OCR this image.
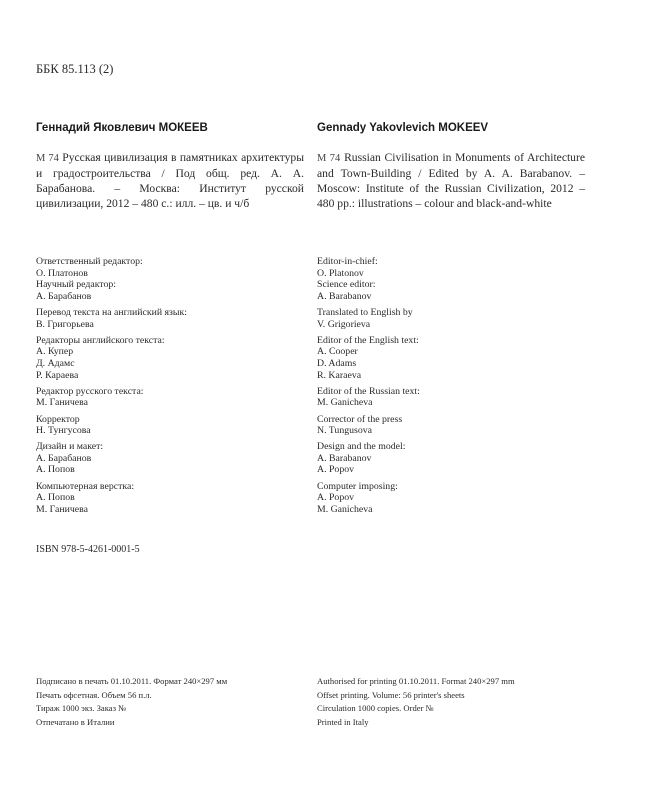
ББК 85.113 (2)
Геннадий Яковлевич МОКЕЕВ	Gennady Yakovlevich MOKEEV
М 74 Русская цивилизация в памятниках архитектуры и градостроительства / Под общ. ред. А. А. Барабанова. – Москва: Институт русской цивилизации, 2012 – 480 с.: илл. – цв. и ч/б
М 74 Russian Civilisation in Monuments of Architecture and Town-Building / Edited by A. A. Barabanov. – Moscow: Institute of the Russian Civilization, 2012 – 480 pp.: illustrations – colour and black-and-white
Ответственный редактор:
О. Платонов
Научный редактор:
А. Барабанов
Перевод текста на английский язык:
В. Григорьева
Редакторы английского текста:
А. Купер
Д. Адамс
Р. Караева
Редактор русского текста:
М. Ганичева
Корректор
Н. Тунгусова
Дизайн и макет:
А. Барабанов
А. Попов
Компьютерная верстка:
А. Попов
М. Ганичева
Editor-in-chief:
O. Platonov
Science editor:
A. Barabanov
Translated to English by
V. Grigorieva
Editor of the English text:
A. Cooper
D. Adams
R. Karaeva
Editor of the Russian text:
M. Ganicheva
Corrector of the press
N. Tungusova
Design and the model:
A. Barabanov
A. Popov
Computer imposing:
A. Popov
M. Ganicheva
ISBN 978-5-4261-0001-5
Подписано в печать 01.10.2011. Формат 240×297 мм
Печать офсетная. Объем 56 п.л.
Тираж 1000 экз. Заказ №
Отпечатано в Италии
Authorised for printing 01.10.2011. Format 240×297 mm
Offset printing. Volume: 56 printer's sheets
Circulation 1000 copies. Order №
Printed in Italy
